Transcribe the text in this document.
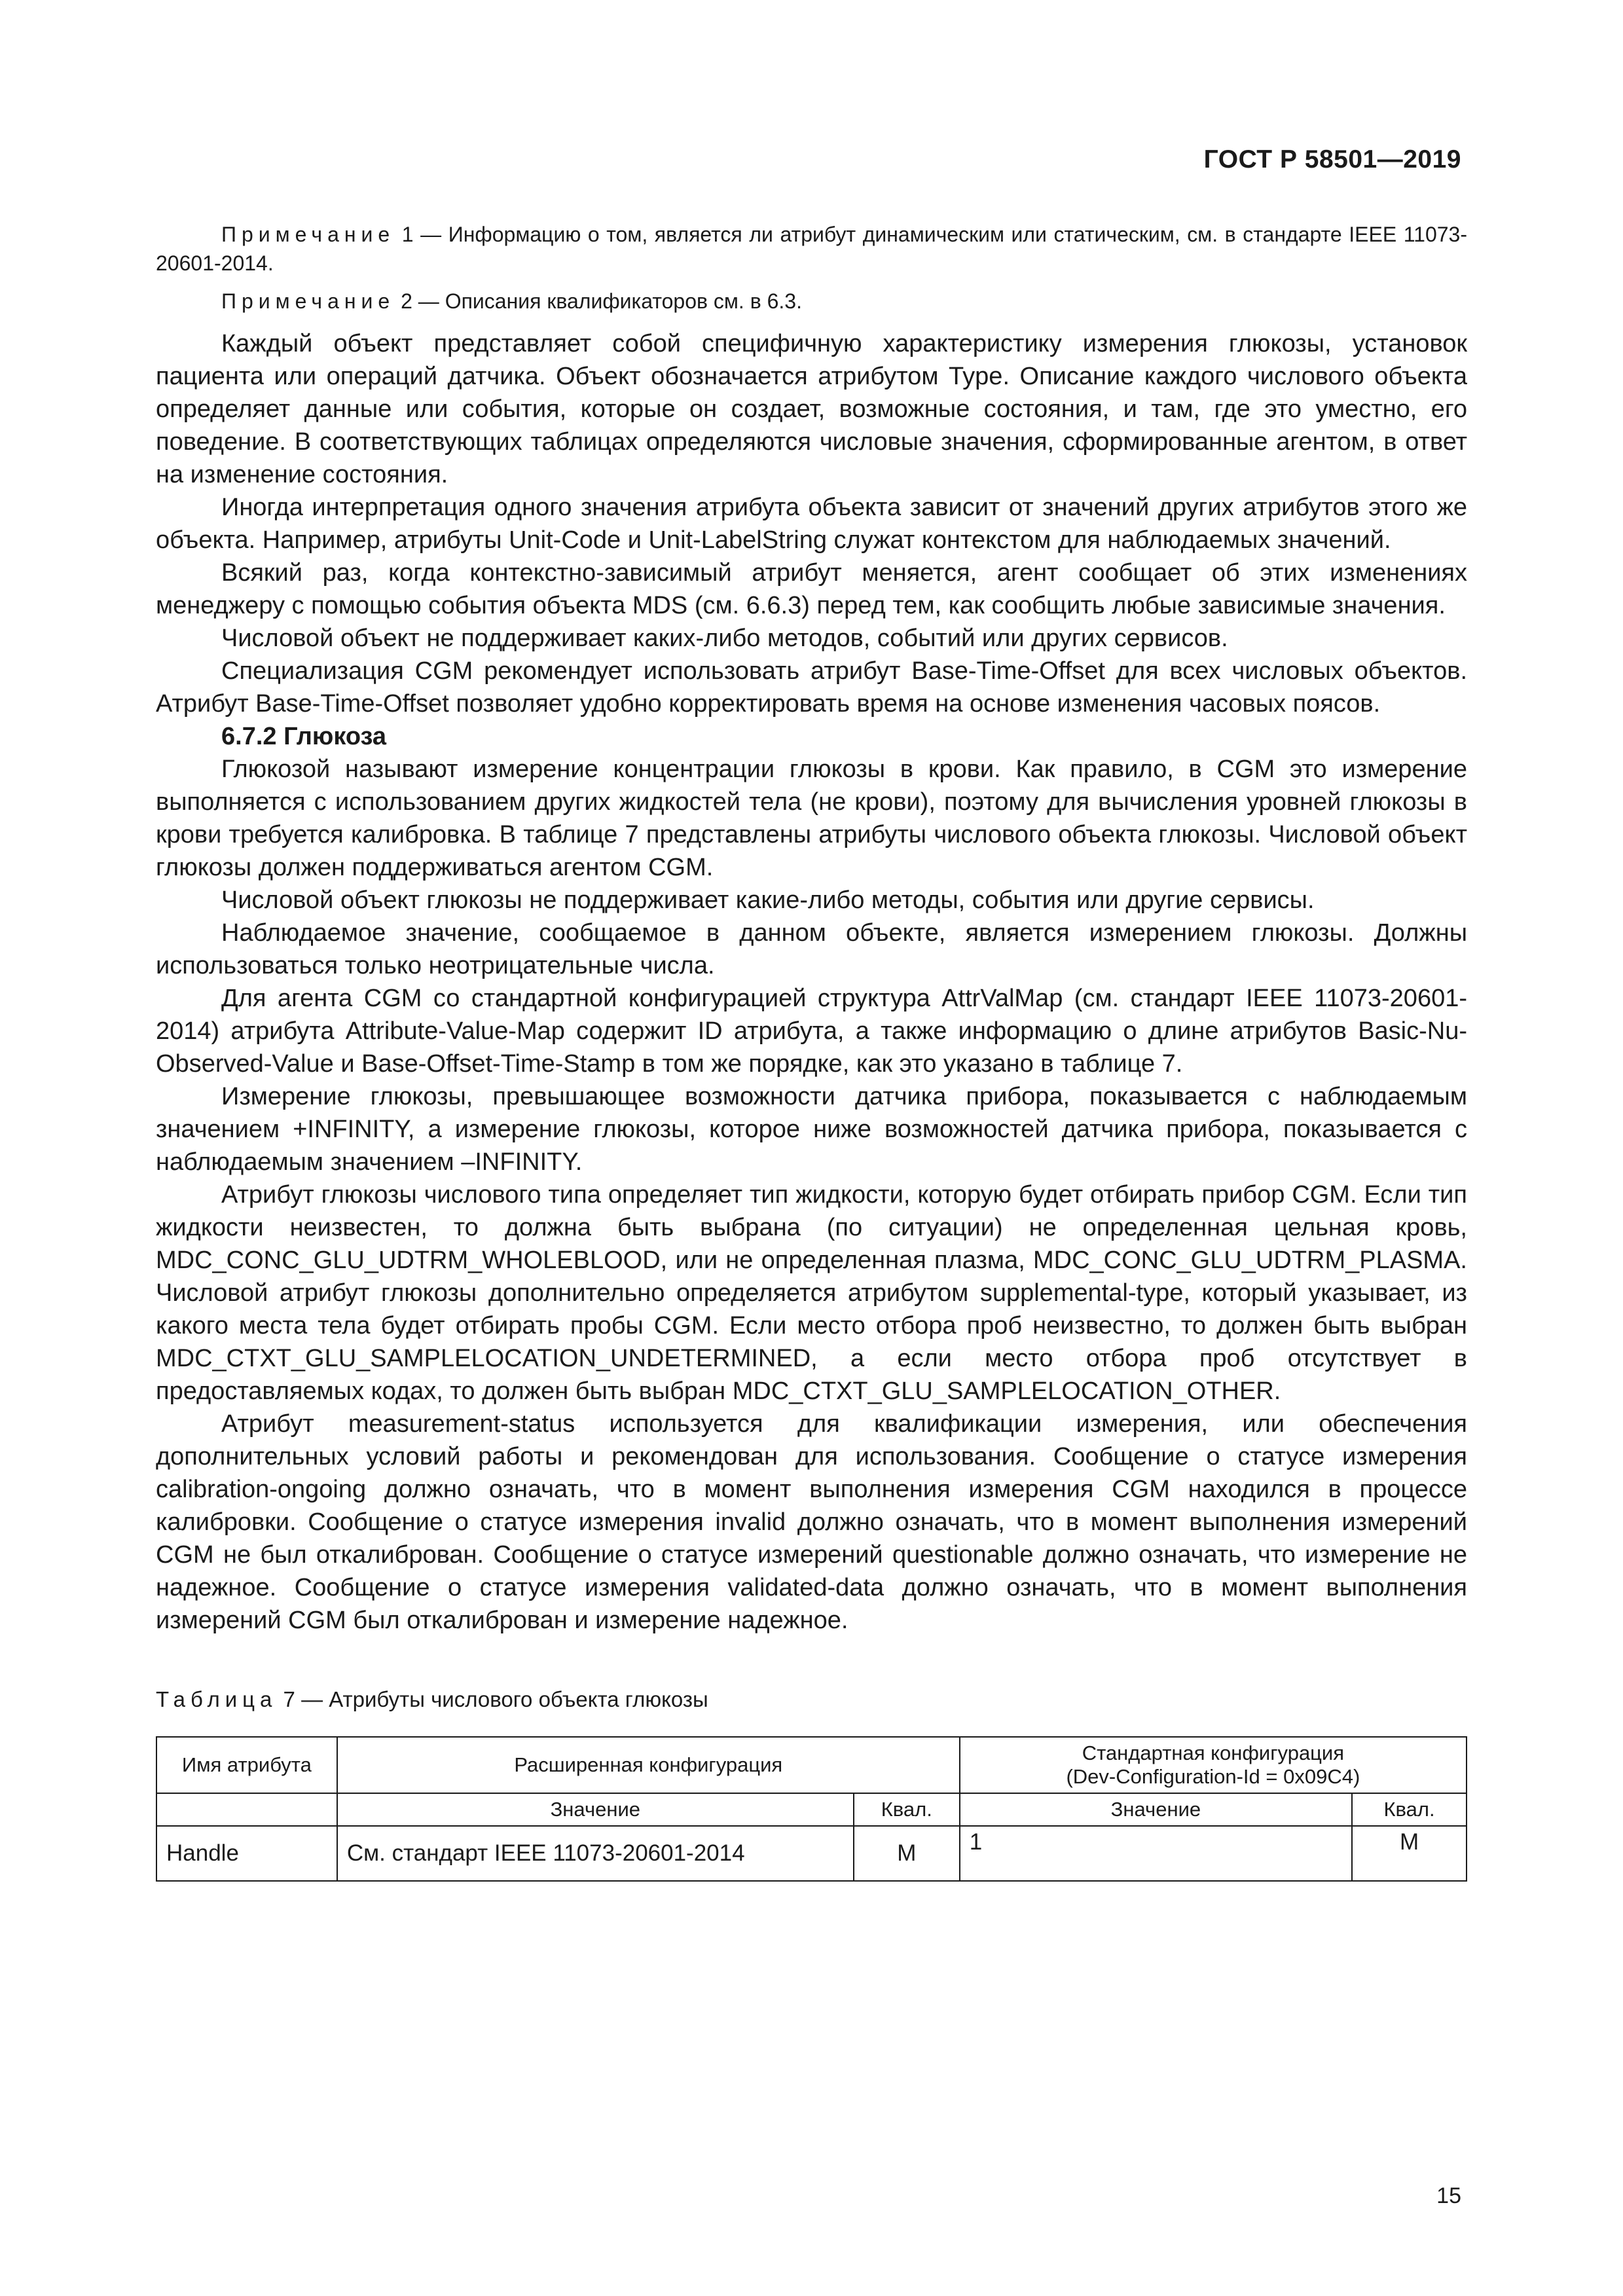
ГОСТ Р 58501—2019

Примечание 1 — Информацию о том, является ли атрибут динамическим или статическим, см. в стандарте IEEE 11073-20601-2014.

Примечание 2 — Описания квалификаторов см. в 6.3.

Каждый объект представляет собой специфичную характеристику измерения глюкозы, установок пациента или операций датчика. Объект обозначается атрибутом Type. Описание каждого числового объекта определяет данные или события, которые он создает, возможные состояния, и там, где это уместно, его поведение. В соответствующих таблицах определяются числовые значения, сформированные агентом, в ответ на изменение состояния.

Иногда интерпретация одного значения атрибута объекта зависит от значений других атрибутов этого же объекта. Например, атрибуты Unit-Code и Unit-LabelString служат контекстом для наблюдаемых значений.

Всякий раз, когда контекстно-зависимый атрибут меняется, агент сообщает об этих изменениях менеджеру с помощью события объекта MDS (см. 6.6.3) перед тем, как сообщить любые зависимые значения.

Числовой объект не поддерживает каких-либо методов, событий или других сервисов.

Специализация CGM рекомендует использовать атрибут Base-Time-Offset для всех числовых объектов. Атрибут Base-Time-Offset позволяет удобно корректировать время на основе изменения часовых поясов.

6.7.2 Глюкоза

Глюкозой называют измерение концентрации глюкозы в крови. Как правило, в CGM это измерение выполняется с использованием других жидкостей тела (не крови), поэтому для вычисления уровней глюкозы в крови требуется калибровка. В таблице 7 представлены атрибуты числового объекта глюкозы. Числовой объект глюкозы должен поддерживаться агентом CGM.

Числовой объект глюкозы не поддерживает какие-либо методы, события или другие сервисы.

Наблюдаемое значение, сообщаемое в данном объекте, является измерением глюкозы. Должны использоваться только неотрицательные числа.

Для агента CGM со стандартной конфигурацией структура AttrValMap (см. стандарт IEEE 11073-20601-2014) атрибута Attribute-Value-Map содержит ID атрибута, а также информацию о длине атрибутов Basic-Nu-Observed-Value и Base-Offset-Time-Stamp в том же порядке, как это указано в таблице 7.

Измерение глюкозы, превышающее возможности датчика прибора, показывается с наблюдаемым значением +INFINITY, а измерение глюкозы, которое ниже возможностей датчика прибора, показывается с наблюдаемым значением –INFINITY.

Атрибут глюкозы числового типа определяет тип жидкости, которую будет отбирать прибор CGM. Если тип жидкости неизвестен, то должна быть выбрана (по ситуации) не определенная цельная кровь, MDC_CONC_GLU_UDTRM_WHOLEBLOOD, или не определенная плазма, MDC_CONC_GLU_UDTRM_PLASMA. Числовой атрибут глюкозы дополнительно определяется атрибутом supplemental-type, который указывает, из какого места тела будет отбирать пробы CGM. Если место отбора проб неизвестно, то должен быть выбран MDC_CTXT_GLU_SAMPLELOCATION_UNDETERMINED, а если место отбора проб отсутствует в предоставляемых кодах, то должен быть выбран MDC_CTXT_GLU_SAMPLELOCATION_OTHER.

Атрибут measurement-status используется для квалификации измерения, или обеспечения дополнительных условий работы и рекомендован для использования. Сообщение о статусе измерения calibration-ongoing должно означать, что в момент выполнения измерения CGM находился в процессе калибровки. Сообщение о статусе измерения invalid должно означать, что в момент выполнения измерений CGM не был откалиброван. Сообщение о статусе измерений questionable должно означать, что измерение не надежное. Сообщение о статусе измерения validated-data должно означать, что в момент выполнения измерений CGM был откалиброван и измерение надежное.

Таблица 7 — Атрибуты числового объекта глюкозы

Имя атрибута	Расширенная конфигурация		Стандартная конфигурация
(Dev-Configuration-Id = 0x09C4)	
	Значение	Квал.	Значение	Квал.
Handle	См. стандарт IEEE 11073-20601-2014	M	1	M
15
